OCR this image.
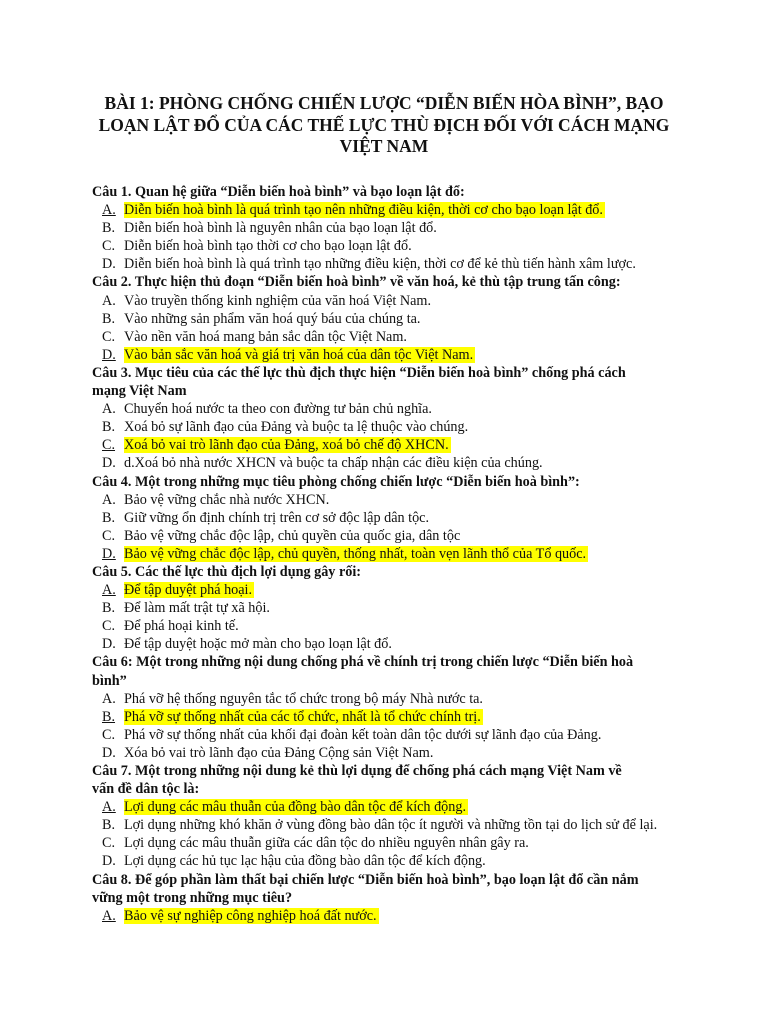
BÀI 1: PHÒNG CHỐNG CHIẾN LƯỢC “DIỄN BIẾN HÒA BÌNH”, BẠO
LOẠN LẬT ĐỔ CỦA CÁC THẾ LỰC THÙ ĐỊCH ĐỐI VỚI CÁCH MẠNG
VIỆT NAM
Câu 1. Quan hệ giữa “Diễn biến hoà bình” và bạo loạn lật đổ:
A. Diễn biến hoà bình là quá trình tạo nên những điều kiện, thời cơ cho bạo loạn lật đổ.
B. Diễn biến hoà bình là nguyên nhân của bạo loạn lật đổ.
C. Diễn biến hoà bình tạo thời cơ cho bạo loạn lật đổ.
D. Diễn biến hoà bình là quá trình tạo những điều kiện, thời cơ để kẻ thù tiến hành xâm lược.
Câu 2. Thực hiện thủ đoạn “Diễn biến hoà bình” về văn hoá, kẻ thù tập trung tấn công:
A. Vào truyền thống kinh nghiệm của văn hoá Việt Nam.
B. Vào những sản phẩm văn hoá quý báu của chúng ta.
C. Vào nền văn hoá mang bản sắc dân tộc Việt Nam.
D. Vào bản sắc văn hoá và giá trị văn hoá của dân tộc Việt Nam.
Câu 3. Mục tiêu của các thế lực thù địch thực hiện “Diễn biến hoà bình” chống phá cách
mạng Việt Nam
A. Chuyển hoá nước ta theo con đường tư bản chủ nghĩa.
B. Xoá bỏ sự lãnh đạo của Đảng và buộc ta lệ thuộc vào chúng.
C. Xoá bỏ vai trò lãnh đạo của Đảng, xoá bỏ chế độ XHCN.
D. d.Xoá bỏ nhà nước XHCN và buộc ta chấp nhận các điều kiện của chúng.
Câu 4. Một trong những mục tiêu phòng chống chiến lược “Diễn biến hoà bình”:
A. Bảo vệ vững chắc nhà nước XHCN.
B. Giữ vững ổn định chính trị trên cơ sở độc lập dân tộc.
C. Bảo vệ vững chắc độc lập, chủ quyền của quốc gia, dân tộc
D. Bảo vệ vững chắc độc lập, chủ quyền, thống nhất, toàn vẹn lãnh thổ của Tổ quốc.
Câu 5. Các thế lực thù địch lợi dụng gây rối:
A. Để tập duyệt phá hoại.
B. Để làm mất trật tự xã hội.
C. Để phá hoại kinh tế.
D. Để tập duyệt hoặc mở màn cho bạo loạn lật đổ.
Câu 6: Một trong những nội dung chống phá về chính trị trong chiến lược “Diễn biến hoà
bình”
A. Phá vỡ hệ thống nguyên tắc tổ chức trong bộ máy Nhà nước ta.
B. Phá vỡ sự thống nhất của các tổ chức, nhất là tổ chức chính trị.
C. Phá vỡ sự thống nhất của khối đại đoàn kết toàn dân tộc dưới sự lãnh đạo của Đảng.
D. Xóa bỏ vai trò lãnh đạo của Đảng Cộng sản Việt Nam.
Câu 7. Một trong những nội dung kẻ thù lợi dụng để chống phá cách mạng Việt Nam về
vấn đề dân tộc là:
A. Lợi dụng các mâu thuẫn của đồng bào dân tộc để kích động.
B. Lợi dụng những khó khăn ở vùng đồng bào dân tộc ít người và những tồn tại do lịch sử để lại.
C. Lợi dụng các mâu thuẫn giữa các dân tộc do nhiều nguyên nhân gây ra.
D. Lợi dụng các hủ tục lạc hậu của đồng bào dân tộc để kích động.
Câu 8. Để góp phần làm thất bại chiến lược “Diễn biến hoà bình”, bạo loạn lật đổ cần nắm
vững một trong những mục tiêu?
A. Bảo vệ sự nghiệp công nghiệp hoá đất nước.
